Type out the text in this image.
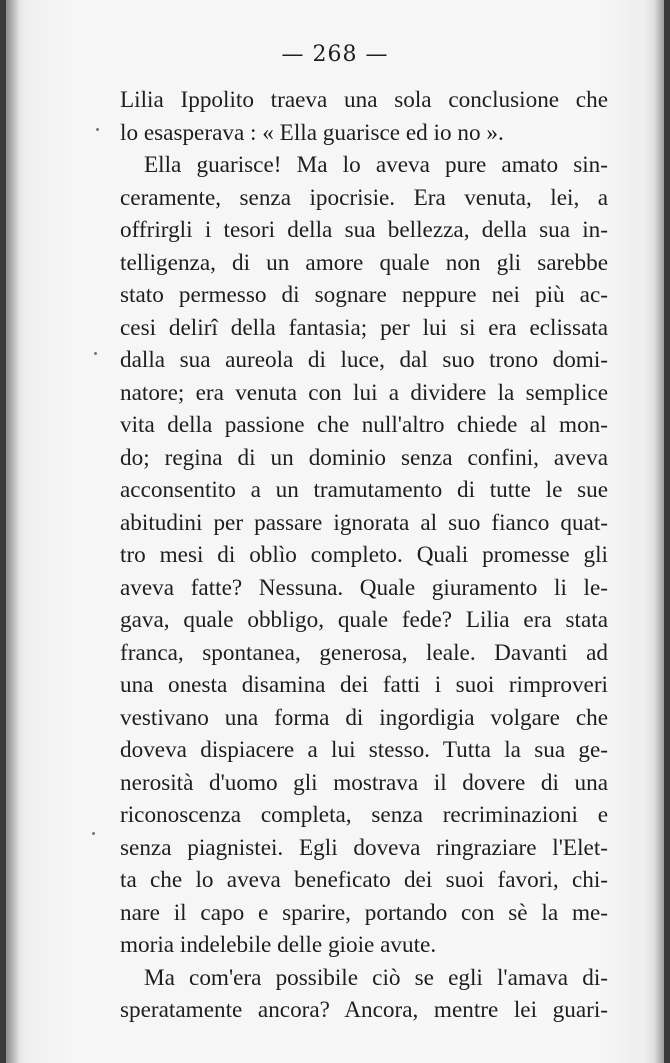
— 268 —
Lilia Ippolito traeva una sola conclusione che
lo esasperava : « Ella guarisce ed io no ».
Ella guarisce! Ma lo aveva pure amato sin-
ceramente, senza ipocrisie. Era venuta, lei, a
offrirgli i tesori della sua bellezza, della sua in-
telligenza, di un amore quale non gli sarebbe
stato permesso di sognare neppure nei più ac-
cesi delirî della fantasia; per lui si era eclissata
dalla sua aureola di luce, dal suo trono domi-
natore; era venuta con lui a dividere la semplice
vita della passione che null'altro chiede al mon-
do; regina di un dominio senza confini, aveva
acconsentito a un tramutamento di tutte le sue
abitudini per passare ignorata al suo fianco quat-
tro mesi di oblìo completo. Quali promesse gli
aveva fatte? Nessuna. Quale giuramento li le-
gava, quale obbligo, quale fede? Lilia era stata
franca, spontanea, generosa, leale. Davanti ad
una onesta disamina dei fatti i suoi rimproveri
vestivano una forma di ingordigia volgare che
doveva dispiacere a lui stesso. Tutta la sua ge-
nerosità d'uomo gli mostrava il dovere di una
riconoscenza completa, senza recriminazioni e
senza piagnistei. Egli doveva ringraziare l'Elet-
ta che lo aveva beneficato dei suoi favori, chi-
nare il capo e sparire, portando con sè la me-
moria indelebile delle gioie avute.
Ma com'era possibile ciò se egli l'amava di-
speratamente ancora? Ancora, mentre lei guari-
